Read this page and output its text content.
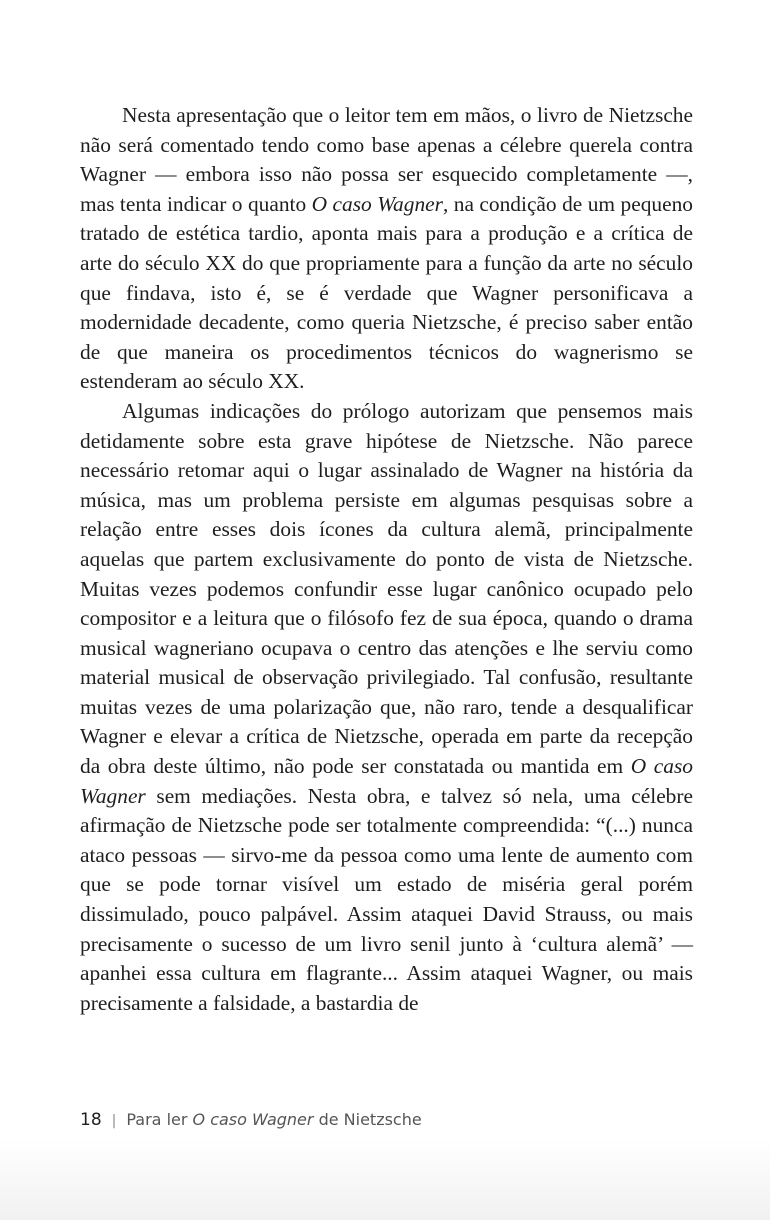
Nesta apresentação que o leitor tem em mãos, o livro de Nietzsche não será comentado tendo como base apenas a célebre querela contra Wagner — embora isso não possa ser esquecido completamente —, mas tenta indicar o quanto O caso Wagner, na condição de um pequeno tratado de estética tardio, aponta mais para a produção e a crítica de arte do século XX do que propriamente para a função da arte no século que findava, isto é, se é verdade que Wagner personificava a modernidade decadente, como queria Nietzsche, é preciso saber então de que maneira os procedimentos técnicos do wagnerismo se estenderam ao século XX.

Algumas indicações do prólogo autorizam que pensemos mais detidamente sobre esta grave hipótese de Nietzsche. Não parece necessário retomar aqui o lugar assinalado de Wagner na história da música, mas um problema persiste em algumas pesquisas sobre a relação entre esses dois ícones da cultura alemã, principalmente aquelas que partem exclusivamente do ponto de vista de Nietzsche. Muitas vezes podemos confundir esse lugar canônico ocupado pelo compositor e a leitura que o filósofo fez de sua época, quando o drama musical wagneriano ocupava o centro das atenções e lhe serviu como material musical de observação privilegiado. Tal confusão, resultante muitas vezes de uma polarização que, não raro, tende a desqualificar Wagner e elevar a crítica de Nietzsche, operada em parte da recepção da obra deste último, não pode ser constatada ou mantida em O caso Wagner sem mediações. Nesta obra, e talvez só nela, uma célebre afirmação de Nietzsche pode ser totalmente compreendida: “(...) nunca ataco pessoas — sirvo-me da pessoa como uma lente de aumento com que se pode tornar visível um estado de miséria geral porém dissimulado, pouco palpável. Assim ataquei David Strauss, ou mais precisamente o sucesso de um livro senil junto à ‘cultura alemã’ — apanhei essa cultura em flagrante... Assim ataquei Wagner, ou mais precisamente a falsidade, a bastardia de

18 | Para ler O caso Wagner de Nietzsche
